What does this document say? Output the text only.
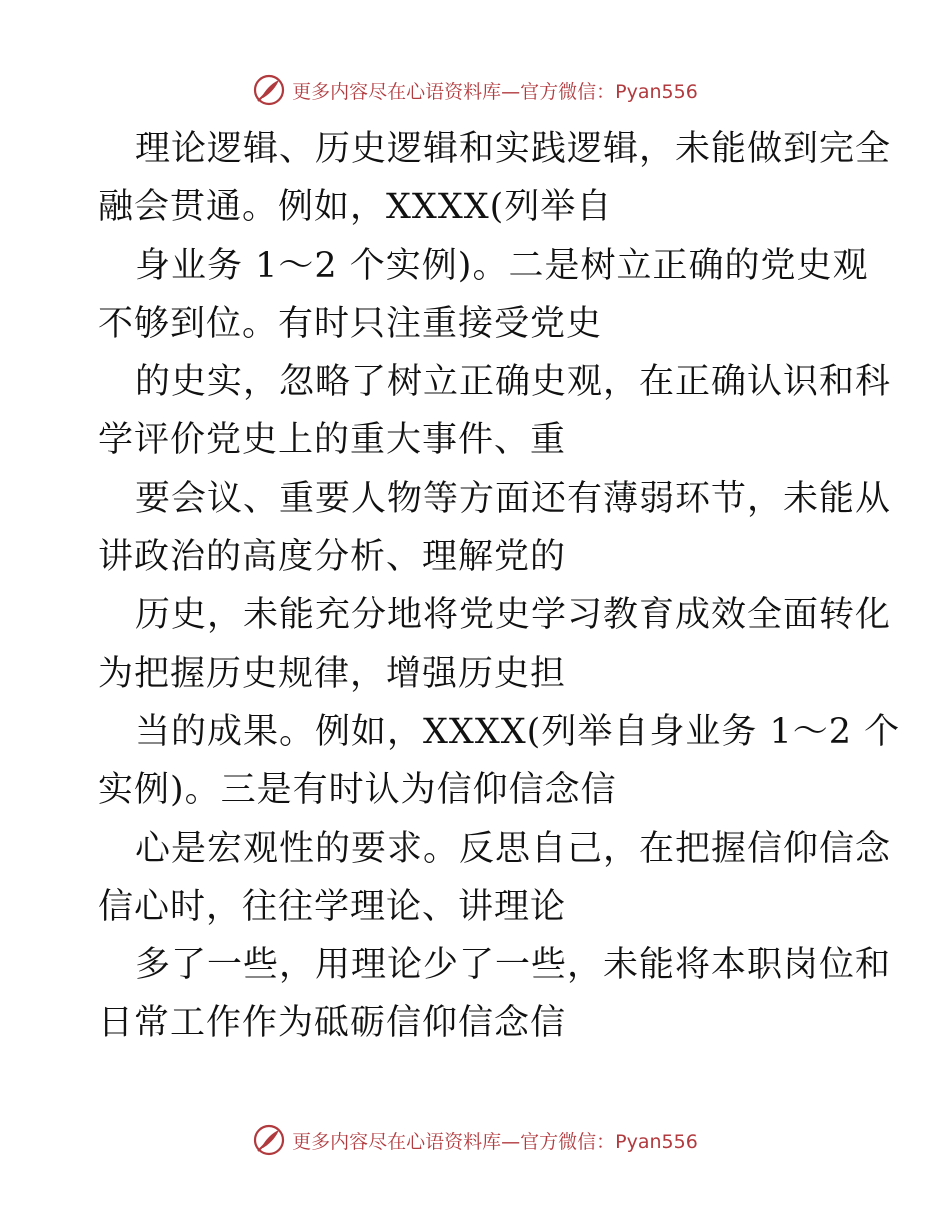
更多内容尽在心语资料库—官方微信：Pyan556
理论逻辑、历史逻辑和实践逻辑，未能做到完全
融会贯通。例如，XXXX(列举自
身业务 1～2 个实例)。二是树立正确的党史观
不够到位。有时只注重接受党史
的史实，忽略了树立正确史观，在正确认识和科
学评价党史上的重大事件、重
要会议、重要人物等方面还有薄弱环节，未能从
讲政治的高度分析、理解党的
历史，未能充分地将党史学习教育成效全面转化
为把握历史规律，增强历史担
当的成果。例如，XXXX(列举自身业务 1～2 个
实例)。三是有时认为信仰信念信
心是宏观性的要求。反思自己，在把握信仰信念
信心时，往往学理论、讲理论
多了一些，用理论少了一些，未能将本职岗位和
日常工作作为砥砺信仰信念信
更多内容尽在心语资料库—官方微信：Pyan556
